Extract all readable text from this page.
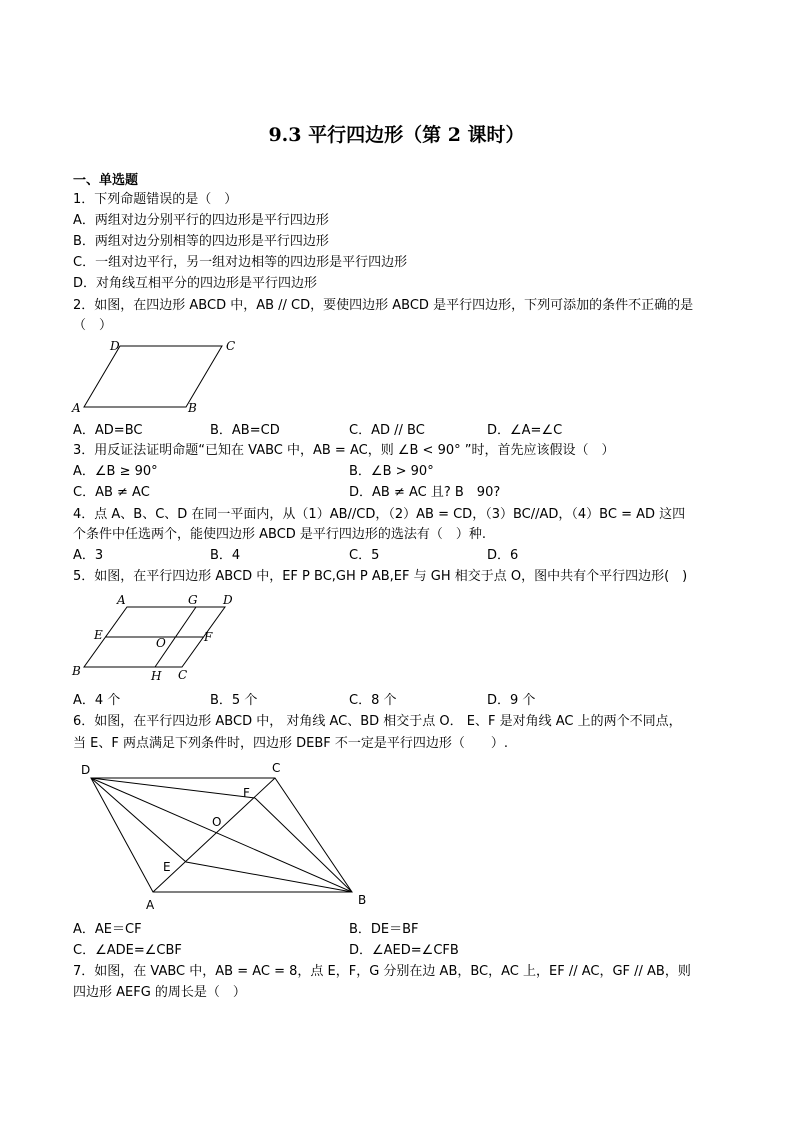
9.3 平行四边形（第 2 课时）
一、单选题
1．下列命题错误的是（　）
A．两组对边分别平行的四边形是平行四边形
B．两组对边分别相等的四边形是平行四边形
C．一组对边平行，另一组对边相等的四边形是平行四边形
D．对角线互相平分的四边形是平行四边形
2．如图，在四边形 ABCD 中，AB // CD，要使四边形 ABCD 是平行四边形，下列可添加的条件不正确的是
（　）
D	C
A	B
A．AD=BC	B．AB=CD	C．AD // BC	D．∠A=∠C
3．用反证法证明命题“已知在 VABC 中，AB = AC，则 ∠B < 90° ”时，首先应该假设（　）
A．∠B ≥ 90°	B．∠B > 90°
C．AB ≠ AC	D．AB ≠ AC 且? B　90?
4．点 A、B、C、D 在同一平面内，从（1）AB//CD，（2）AB = CD，（3）BC//AD，（4）BC = AD 这四
个条件中任选两个，能使四边形 ABCD 是平行四边形的选法有（　）种.
A．3	B．4	C．5	D．6
5．如图，在平行四边形 ABCD 中，EF P BC,GH P AB,EF 与 GH 相交于点 O，图中共有个平行四边形(　)
A	G D
E
O	F
B	H C
A．4 个	B．5 个	C．8 个	D．9 个
6．如图，在平行四边形 ABCD 中， 对角线 AC、BD 相交于点 O． E、F 是对角线 AC 上的两个不同点，
当 E、F 两点满足下列条件时，四边形 DEBF 不一定是平行四边形（　　）.
D	C
F
O
E
A	B
A．AE＝CF	B．DE＝BF
C．∠ADE=∠CBF	D．∠AED=∠CFB
7．如图，在 VABC 中，AB = AC = 8，点 E，F，G 分别在边 AB，BC，AC 上，EF // AC，GF // AB，则
四边形 AEFG 的周长是（　）
